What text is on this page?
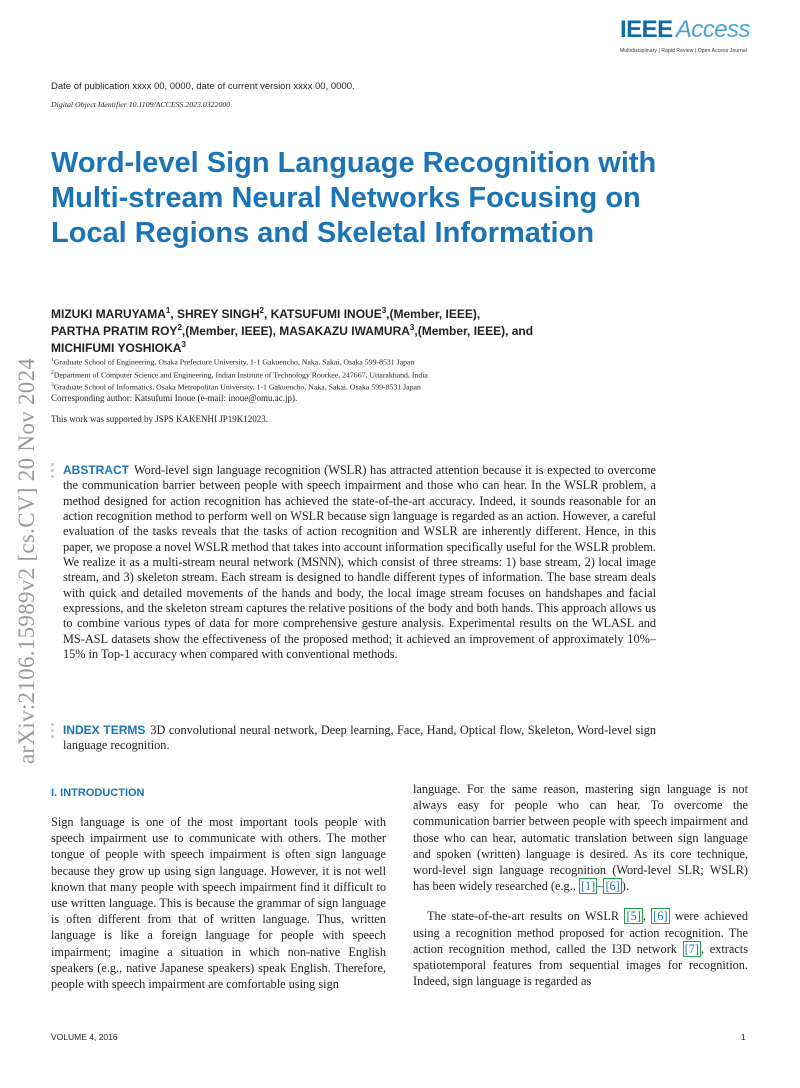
IEEE Access
Multidisciplinary | Rapid Review | Open Access Journal
arXiv:2106.15989v2 [cs.CV] 20 Nov 2024
Date of publication xxxx 00, 0000, date of current version xxxx 00, 0000.
Digital Object Identifier 10.1109/ACCESS.2023.0322000
Word-level Sign Language Recognition with Multi-stream Neural Networks Focusing on Local Regions and Skeletal Information
MIZUKI MARUYAMA$^1$, SHREY SINGH$^2$, KATSUFUMI INOUE$^3$,(Member, IEEE),
PARTHA PRATIM ROY$^2$,(Member, IEEE), MASAKAZU IWAMURA$^3$,(Member, IEEE), and
MICHIFUMI YOSHIOKA$^3$
$^1$Graduate School of Engineering, Osaka Prefecture University, 1-1 Gakuencho, Naka, Sakai, Osaka 599-8531 Japan
$^2$Department of Computer Science and Engineering, Indian Institute of Technology Roorkee, 247667, Uttarakhand, India
$^3$Graduate School of Informatics, Osaka Metropolitan University, 1-1 Gakuencho, Naka, Sakai, Osaka 599-8531 Japan
Corresponding author: Katsufumi Inoue (e-mail: inoue@omu.ac.jp).
This work was supported by JSPS KAKENHI JP19K12023.

ABSTRACT Word-level sign language recognition (WSLR) has attracted attention because it is expected to overcome the communication barrier between people with speech impairment and those who can hear. In the WSLR problem, a method designed for action recognition has achieved the state-of-the-art accuracy. Indeed, it sounds reasonable for an action recognition method to perform well on WSLR because sign language is regarded as an action. However, a careful evaluation of the tasks reveals that the tasks of action recognition and WSLR are inherently different. Hence, in this paper, we propose a novel WSLR method that takes into account information specifically useful for the WSLR problem. We realize it as a multi-stream neural network (MSNN), which consist of three streams: 1) base stream, 2) local image stream, and 3) skeleton stream. Each stream is designed to handle different types of information. The base stream deals with quick and detailed movements of the hands and body, the local image stream focuses on handshapes and facial expressions, and the skeleton stream captures the relative positions of the body and both hands. This approach allows us to combine various types of data for more comprehensive gesture analysis. Experimental results on the WLASL and MS-ASL datasets show the effectiveness of the proposed method; it achieved an improvement of approximately 10%–15% in Top-1 accuracy when compared with conventional methods.

INDEX TERMS 3D convolutional neural network, Deep learning, Face, Hand, Optical flow, Skeleton, Word-level sign language recognition.

I. INTRODUCTION

Sign language is one of the most important tools people with speech impairment use to communicate with others. The mother tongue of people with speech impairment is often sign language because they grow up using sign language. However, it is not well known that many people with speech impairment find it difficult to use written language. This is because the grammar of sign language is often different from that of written language. Thus, written language is like a foreign language for people with speech impairment; imagine a situation in which non-native English speakers (e.g., native Japanese speakers) speak English. Therefore, people with speech impairment are comfortable using sign

language. For the same reason, mastering sign language is not always easy for people who can hear. To overcome the communication barrier between people with speech impairment and those who can hear, automatic translation between sign language and spoken (written) language is desired. As its core technique, word-level sign language recognition (Word-level SLR; WSLR) has been widely researched (e.g., [1] – [6] ).

The state-of-the-art results on WSLR [5] , [6] were achieved using a recognition method proposed for action recognition. The action recognition method, called the I3D network [7] , extracts spatiotemporal features from sequential images for recognition. Indeed, sign language is regarded as

VOLUME 4, 2016	1
